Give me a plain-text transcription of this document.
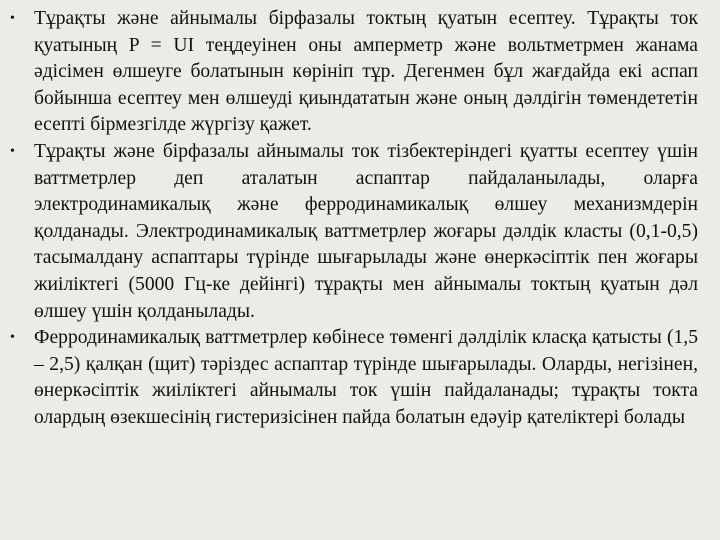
• Тұрақты және айнымалы бірфазалы токтың қуатын есептеу. Тұрақты ток қуатының P = UI теңдеуінен оны амперметр және вольтметрмен жанама әдісімен өлшеуге болатынын көрініп тұр. Дегенмен бұл жағдайда екі аспап бойынша есептеу мен өлшеуді қиындататын және оның дәлдігін төмендететін есепті бірмезгілде жүргізу қажет.
• Тұрақты және бірфазалы айнымалы ток тізбектеріндегі қуатты есептеу үшін ваттметрлер деп аталатын аспаптар пайдаланылады, оларға электродинамикалық және ферродинамикалық өлшеу механизмдерін қолданады. Электродинамикалық ваттметрлер жоғары дәлдік класты (0,1-0,5) тасымалдану аспаптары түрінде шығарылады және өнеркәсіптік пен жоғары жиіліктегі (5000 Гц-ке дейінгі) тұрақты мен айнымалы токтың қуатын дәл өлшеу үшін қолданылады.
• Ферродинамикалық ваттметрлер көбінесе төменгі дәлділік класқа қатысты (1,5 – 2,5) қалқан (щит) тәріздес аспаптар түрінде шығарылады. Оларды, негізінен, өнеркәсіптік жиіліктегі айнымалы ток үшін пайдаланады; тұрақты токта олардың өзекшесінің гистеризісінен пайда болатын едәуір қателіктері болады
